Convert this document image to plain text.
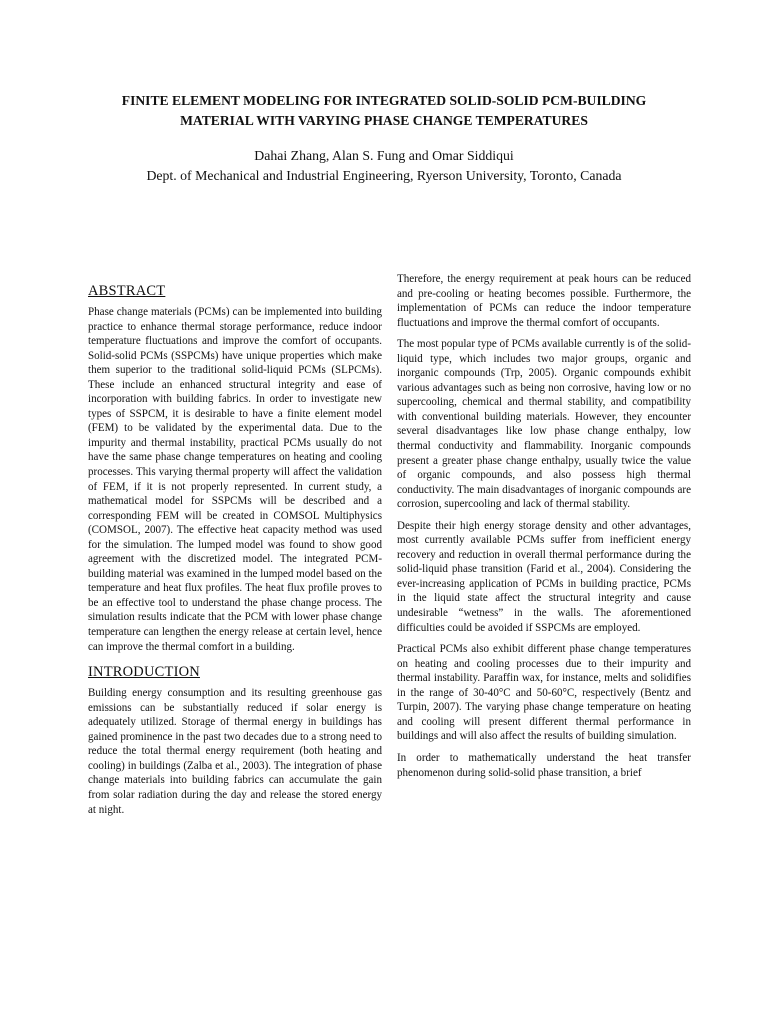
FINITE ELEMENT MODELING FOR INTEGRATED SOLID-SOLID PCM-BUILDING
MATERIAL WITH VARYING PHASE CHANGE TEMPERATURES
Dahai Zhang, Alan S. Fung and Omar Siddiqui
Dept. of Mechanical and Industrial Engineering, Ryerson University, Toronto, Canada
ABSTRACT

Phase change materials (PCMs) can be implemented into building practice to enhance thermal storage performance, reduce indoor temperature fluctuations and improve the comfort of occupants. Solid-solid PCMs (SSPCMs) have unique properties which make them superior to the traditional solid-liquid PCMs (SLPCMs). These include an enhanced structural integrity and ease of incorporation with building fabrics. In order to investigate new types of SSPCM, it is desirable to have a finite element model (FEM) to be validated by the experimental data. Due to the impurity and thermal instability, practical PCMs usually do not have the same phase change temperatures on heating and cooling processes. This varying thermal property will affect the validation of FEM, if it is not properly represented. In current study, a mathematical model for SSPCMs will be described and a corresponding FEM will be created in COMSOL Multiphysics (COMSOL, 2007). The effective heat capacity method was used for the simulation. The lumped model was found to show good agreement with the discretized model. The integrated PCM-building material was examined in the lumped model based on the temperature and heat flux profiles. The heat flux profile proves to be an effective tool to understand the phase change process. The simulation results indicate that the PCM with lower phase change temperature can lengthen the energy release at certain level, hence can improve the thermal comfort in a building.

INTRODUCTION

Building energy consumption and its resulting greenhouse gas emissions can be substantially reduced if solar energy is adequately utilized. Storage of thermal energy in buildings has gained prominence in the past two decades due to a strong need to reduce the total thermal energy requirement (both heating and cooling) in buildings (Zalba et al., 2003). The integration of phase change materials into building fabrics can accumulate the gain from solar radiation during the day and release the stored energy at night.

Therefore, the energy requirement at peak hours can be reduced and pre-cooling or heating becomes possible. Furthermore, the implementation of PCMs can reduce the indoor temperature fluctuations and improve the thermal comfort of occupants.

The most popular type of PCMs available currently is of the solid-liquid type, which includes two major groups, organic and inorganic compounds (Trp, 2005). Organic compounds exhibit various advantages such as being non corrosive, having low or no supercooling, chemical and thermal stability, and compatibility with conventional building materials. However, they encounter several disadvantages like low phase change enthalpy, low thermal conductivity and flammability. Inorganic compounds present a greater phase change enthalpy, usually twice the value of organic compounds, and also possess high thermal conductivity. The main disadvantages of inorganic compounds are corrosion, supercooling and lack of thermal stability.

Despite their high energy storage density and other advantages, most currently available PCMs suffer from inefficient energy recovery and reduction in overall thermal performance during the solid-liquid phase transition (Farid et al., 2004). Considering the ever-increasing application of PCMs in building practice, PCMs in the liquid state affect the structural integrity and cause undesirable “wetness” in the walls. The aforementioned difficulties could be avoided if SSPCMs are employed.

Practical PCMs also exhibit different phase change temperatures on heating and cooling processes due to their impurity and thermal instability. Paraffin wax, for instance, melts and solidifies in the range of 30-40°C and 50-60°C, respectively (Bentz and Turpin, 2007). The varying phase change temperature on heating and cooling will present different thermal performance in buildings and will also affect the results of building simulation.

In order to mathematically understand the heat transfer phenomenon during solid-solid phase transition, a brief
